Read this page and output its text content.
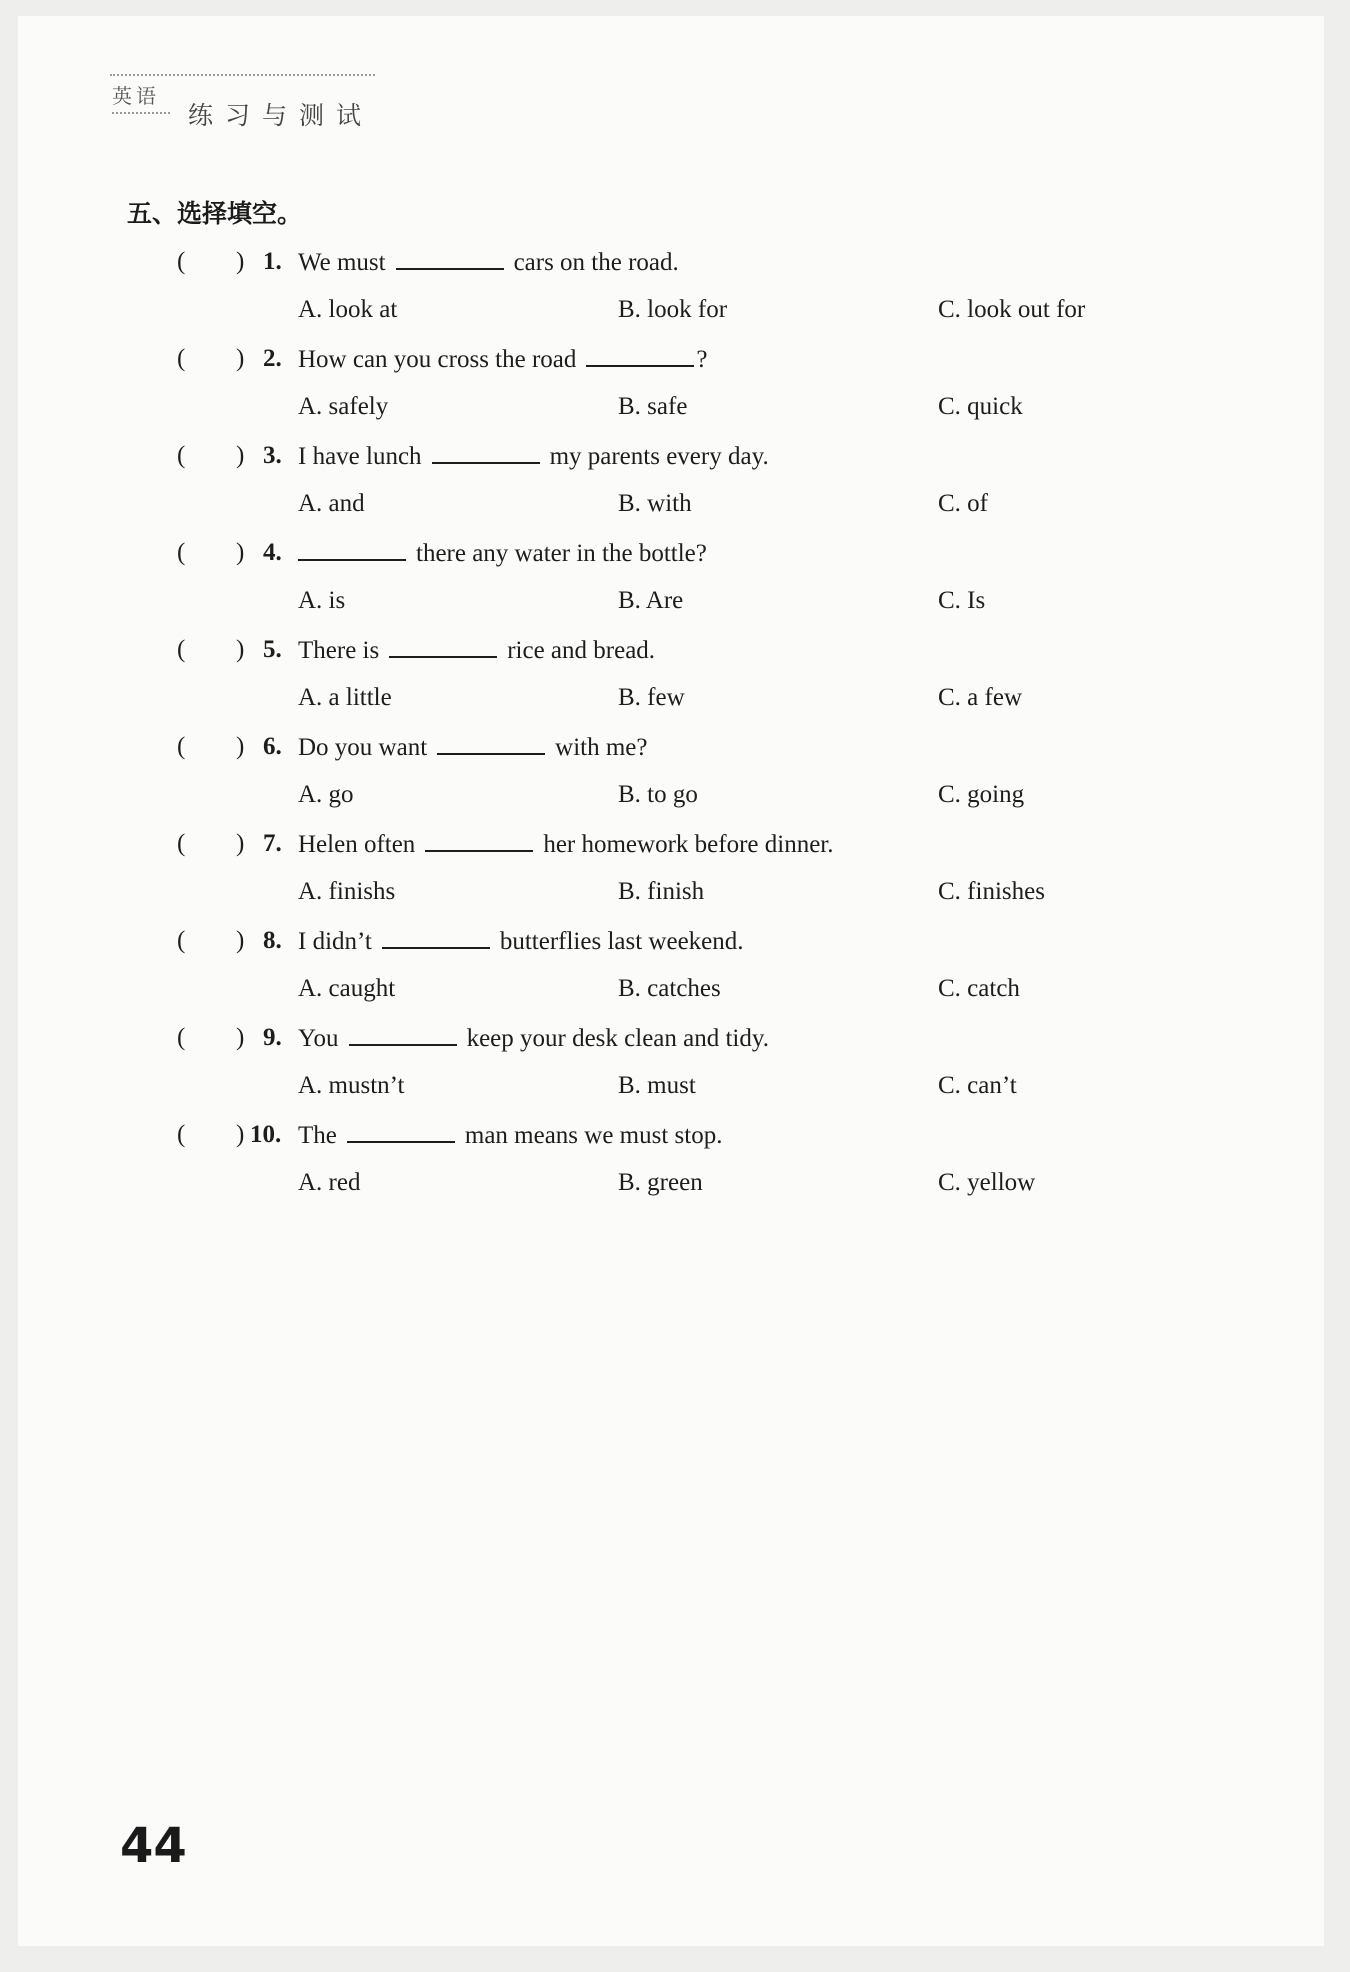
英语
练习与测试
五、选择填空。
( ) 1. We must	cars on the road.
A. look at	B. look for	C. look out for
( ) 2. How can you cross the road	?
A. safely	B. safe	C. quick
( ) 3. I have lunch	my parents every day.
A. and	B. with	C. of
( ) 4.	there any water in the bottle?
A. is	B. Are	C. Is
( ) 5. There is	rice and bread.
A. a little	B. few	C. a few
( ) 6. Do you want	with me?
A. go	B. to go	C. going
( ) 7. Helen often	her homework before dinner.
A. finishs	B. finish	C. finishes
( ) 8. I didn’t	butterflies last weekend.
A. caught	B. catches	C. catch
( ) 9. You	keep your desk clean and tidy.
A. mustn’t	B. must	C. can’t
( ) 10. The	man means we must stop.
A. red	B. green	C. yellow
44
